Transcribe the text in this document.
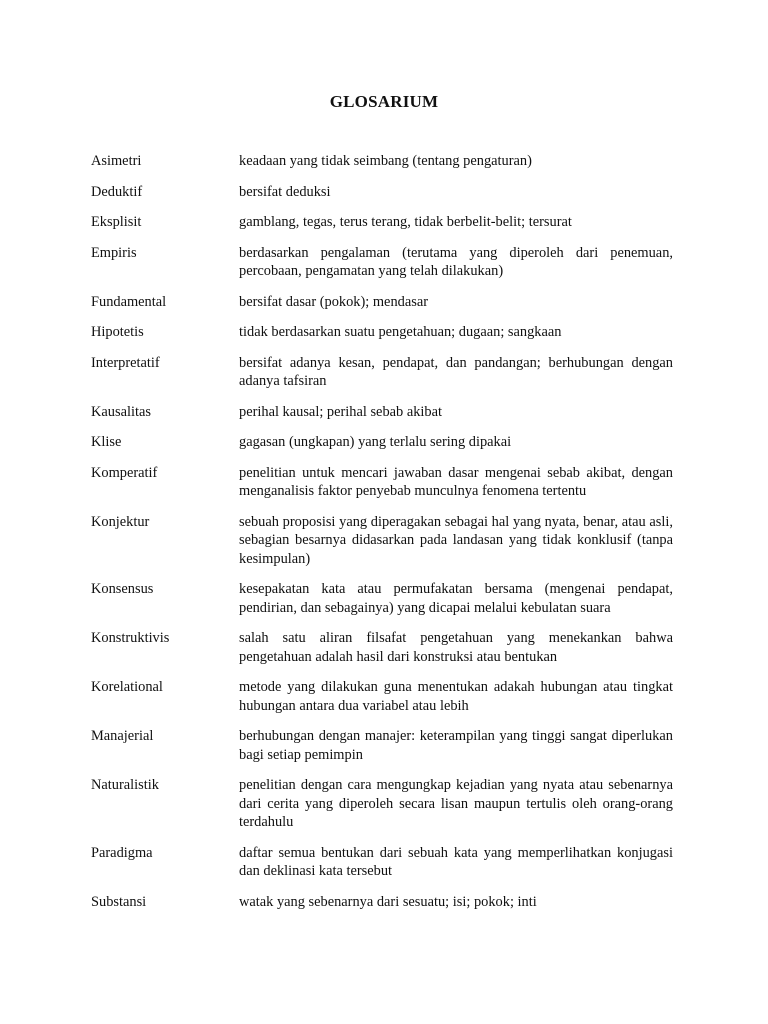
GLOSARIUM
Asimetri	keadaan yang tidak seimbang (tentang pengaturan)
Deduktif	bersifat deduksi
Eksplisit	gamblang, tegas, terus terang, tidak berbelit-belit; tersurat
Empiris	berdasarkan pengalaman (terutama yang diperoleh dari penemuan, percobaan, pengamatan yang telah dilakukan)
Fundamental	bersifat dasar (pokok); mendasar
Hipotetis	tidak berdasarkan suatu pengetahuan; dugaan; sangkaan
Interpretatif	bersifat adanya kesan, pendapat, dan pandangan; berhubungan dengan adanya tafsiran
Kausalitas	perihal kausal; perihal sebab akibat
Klise	gagasan (ungkapan) yang terlalu sering dipakai
Komperatif	penelitian untuk mencari jawaban dasar mengenai sebab akibat, dengan menganalisis faktor penyebab munculnya fenomena tertentu
Konjektur	sebuah proposisi yang diperagakan sebagai hal yang nyata, benar, atau asli, sebagian besarnya didasarkan pada landasan yang tidak konklusif (tanpa kesimpulan)
Konsensus	kesepakatan kata atau permufakatan bersama (mengenai pendapat, pendirian, dan sebagainya) yang dicapai melalui kebulatan suara
Konstruktivis	salah satu aliran filsafat pengetahuan yang menekankan bahwa pengetahuan adalah hasil dari konstruksi atau bentukan
Korelational	metode yang dilakukan guna menentukan adakah hubungan atau tingkat hubungan antara dua variabel atau lebih
Manajerial	berhubungan dengan manajer: keterampilan yang tinggi sangat diperlukan bagi setiap pemimpin
Naturalistik	penelitian dengan cara mengungkap kejadian yang nyata atau sebenarnya dari cerita yang diperoleh secara lisan maupun tertulis oleh orang-orang terdahulu
Paradigma	daftar semua bentukan dari sebuah kata yang memperlihatkan konjugasi dan deklinasi kata tersebut
Substansi	watak yang sebenarnya dari sesuatu; isi; pokok; inti
